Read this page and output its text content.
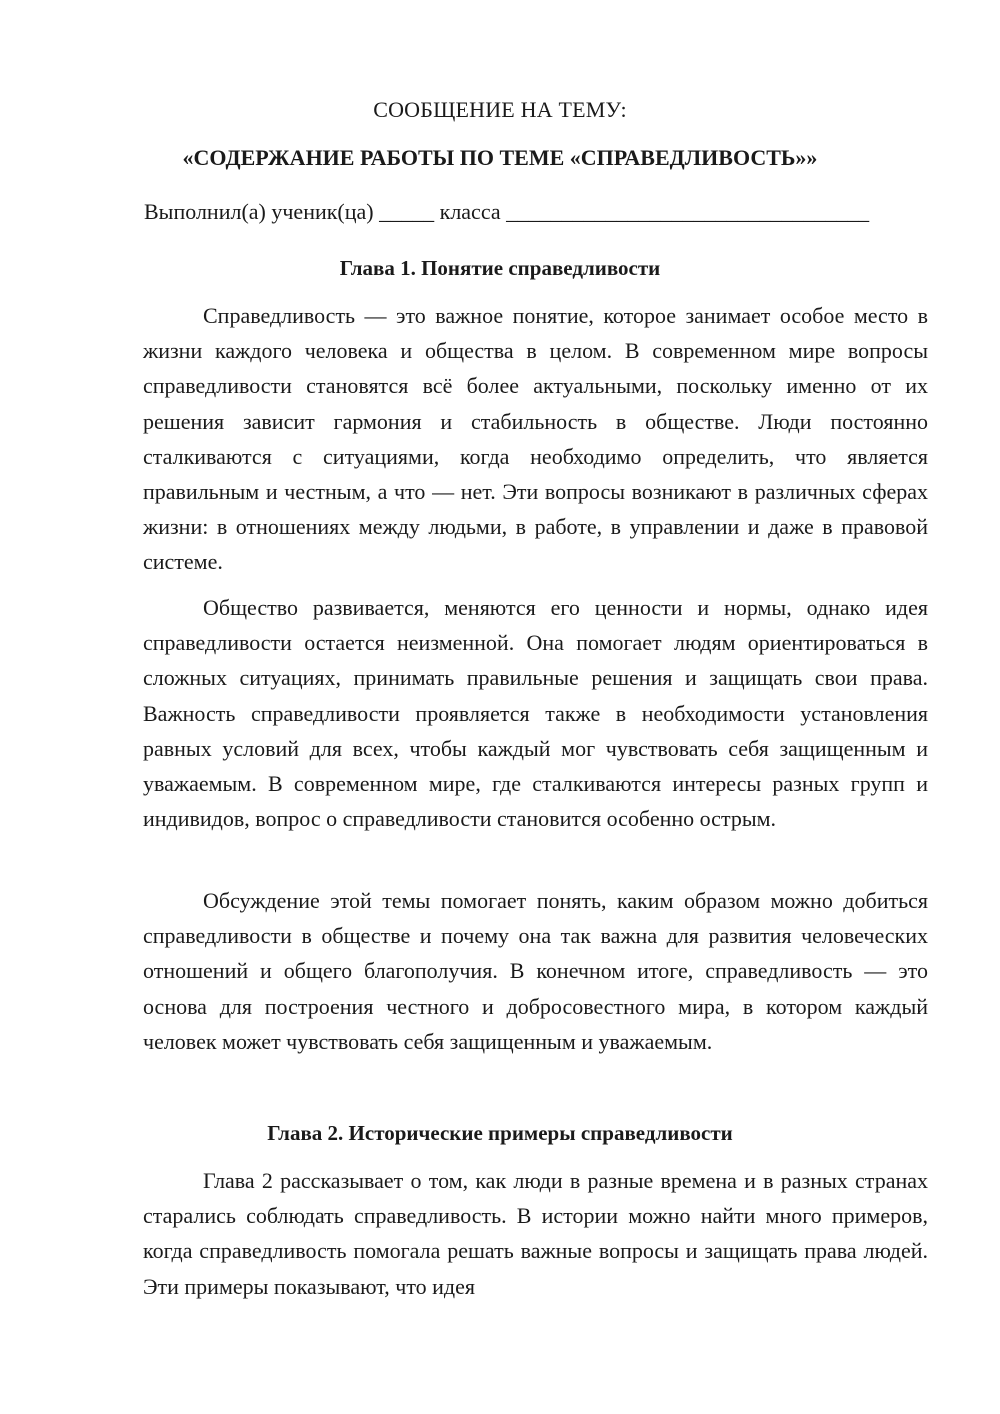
СООБЩЕНИЕ НА ТЕМУ:
«СОДЕРЖАНИЕ РАБОТЫ ПО ТЕМЕ «СПРАВЕДЛИВОСТЬ»»
Выполнил(а) ученик(ца) _____ класса _________________________________
Глава 1. Понятие справедливости

Справедливость — это важное понятие, которое занимает особое место в жизни каждого человека и общества в целом. В современном мире вопросы справедливости становятся всё более актуальными, поскольку именно от их решения зависит гармония и стабильность в обществе. Люди постоянно сталкиваются с ситуациями, когда необходимо определить, что является правильным и честным, а что — нет. Эти вопросы возникают в различных сферах жизни: в отношениях между людьми, в работе, в управлении и даже в правовой системе.

Общество развивается, меняются его ценности и нормы, однако идея справедливости остается неизменной. Она помогает людям ориентироваться в сложных ситуациях, принимать правильные решения и защищать свои права. Важность справедливости проявляется также в необходимости установления равных условий для всех, чтобы каждый мог чувствовать себя защищенным и уважаемым. В современном мире, где сталкиваются интересы разных групп и индивидов, вопрос о справедливости становится особенно острым.

Обсуждение этой темы помогает понять, каким образом можно добиться справедливости в обществе и почему она так важна для развития человеческих отношений и общего благополучия. В конечном итоге, справедливость — это основа для построения честного и добросовестного мира, в котором каждый человек может чувствовать себя защищенным и уважаемым.

Глава 2. Исторические примеры справедливости

Глава 2 рассказывает о том, как люди в разные времена и в разных странах старались соблюдать справедливость. В истории можно найти много примеров, когда справедливость помогала решать важные вопросы и защищать права людей. Эти примеры показывают, что идея
